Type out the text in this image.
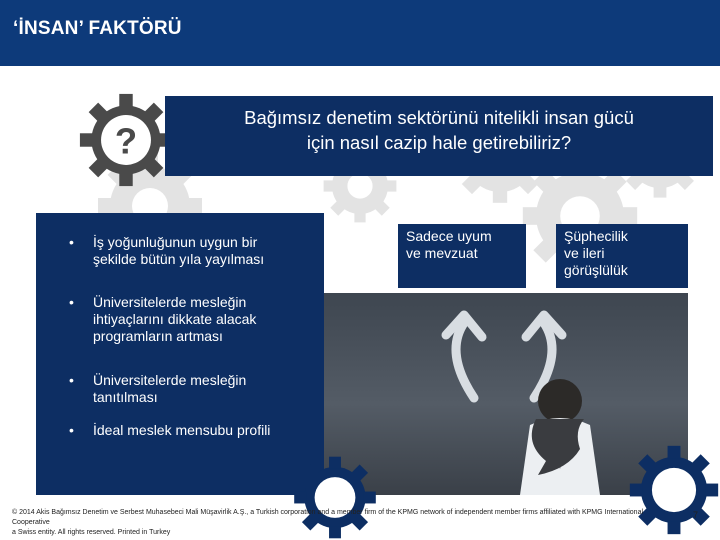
‘İNSAN’ FAKTÖRÜ
?
Bağımsız denetim sektörünü nitelikli insan gücü
için nasıl cazip hale getirebiliriz?
• İş yoğunluğunun uygun bir
şekilde bütün yıla yayılması
• Üniversitelerde mesleğin
ihtiyaçlarını dikkate alacak
programların artması
• Üniversitelerde mesleğin
tanıtılması
• İdeal meslek mensubu profili
Sadece uyum
ve mevzuat
Şüphecilik
ve ileri
görüşlülük
© 2014 Akis Bağımsız Denetim ve Serbest Muhasebeci Mali Müşavirlik A.Ş., a Turkish corporation and a member firm of the KPMG network of independent member firms affiliated with KPMG International Cooperative
a Swiss entity. All rights reserved. Printed in Turkey
7
